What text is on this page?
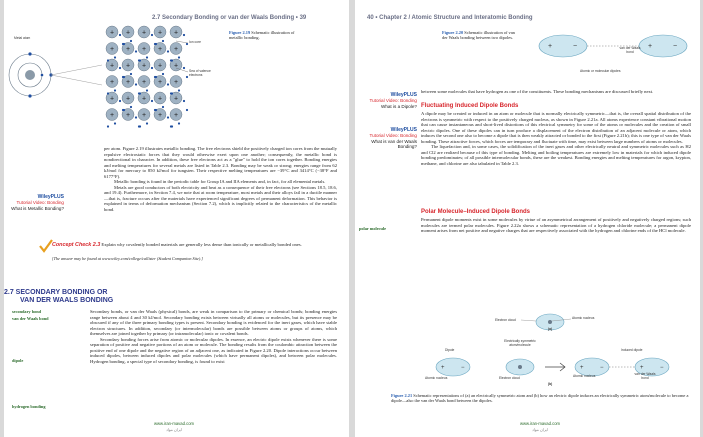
2.7 Secondary Bonding or van der Waals Bonding • 39
+ + + + +
+ + + + +
+ + + + +
+ + + + +
+ + + + +
+ + + + +
Metal atom
Ion core
Sea of valence electrons
Figure 2.19 Schematic illustration of metallic bonding.
WileyPLUS
Tutorial Video: Bonding
What is Metallic Bonding?

per atom. Figure 2.19 illustrates metallic bonding. The free electrons shield the positively charged ion cores from the mutually repulsive electrostatic forces that they would otherwise exert upon one another; consequently, the metallic bond is nondirectional in character. In addition, these free electrons act as a "glue" to hold the ion cores together. Bonding energies and melting temperatures for several metals are listed in Table 2.3. Bonding may be weak or strong; energies range from 62 kJ/mol for mercury to 850 kJ/mol for tungsten. Their respective melting temperatures are −39°C and 3414°C (−38°F and 6177°F).

Metallic bonding is found in the periodic table for Group IA and IIA elements and, in fact, for all elemental metals.

Metals are good conductors of both electricity and heat as a consequence of their free electrons (see Sections 18.5, 18.6, and 19.4). Furthermore, in Section 7.4, we note that at room temperature, most metals and their alloys fail in a ductile manner—that is, fracture occurs after the materials have experienced significant degrees of permanent deformation. This behavior is explained in terms of deformation mechanism (Section 7.2), which is implicitly related to the characteristics of the metallic bond.

Concept Check 2.3 Explain why covalently bonded materials are generally less dense than ionically or metallically bonded ones.
[The answer may be found at www.wiley.com/college/callister (Student Companion Site).]
2.7 SECONDARY BONDING OR
VAN DER WAALS BONDING
secondary bond
van der Waals bond
dipole
hydrogen bonding

Secondary bonds, or van der Waals (physical) bonds, are weak in comparison to the primary or chemical bonds; bonding energies range between about 4 and 30 kJ/mol. Secondary bonding exists between virtually all atoms or molecules, but its presence may be obscured if any of the three primary bonding types is present. Secondary bonding is evidenced for the inert gases, which have stable electron structures. In addition, secondary (or intermolecular) bonds are possible between atoms or groups of atoms, which themselves are joined together by primary (or intramolecular) ionic or covalent bonds.

Secondary bonding forces arise from atomic or molecular dipoles. In essence, an electric dipole exists whenever there is some separation of positive and negative portions of an atom or molecule. The bonding results from the coulombic attraction between the positive end of one dipole and the negative region of an adjacent one, as indicated in Figure 2.20. Dipole interactions occur between induced dipoles, between induced dipoles and polar molecules (which have permanent dipoles), and between polar molecules. Hydrogen bonding, a special type of secondary bonding, is found to exist

www.iran-mavad.com
ايران مواد
40 • Chapter 2 / Atomic Structure and Interatomic Bonding
Figure 2.20 Schematic illustration of van der Waals bonding between two dipoles.
+	−	+	−
van der Waals bond
Atomic or molecular dipoles
WileyPLUS
Tutorial Video: Bonding
What is a Dipole?
WileyPLUS
Tutorial Video: Bonding
What is van der Waals Bonding?
between some molecules that have hydrogen as one of the constituents. These bonding mechanisms are discussed briefly next.
Fluctuating Induced Dipole Bonds

A dipole may be created or induced in an atom or molecule that is normally electrically symmetric—that is, the overall spatial distribution of the electrons is symmetric with respect to the positively charged nucleus, as shown in Figure 2.21a. All atoms experience constant vibrational motion that can cause instantaneous and short-lived distortions of this electrical symmetry for some of the atoms or molecules and the creation of small electric dipoles. One of these dipoles can in turn produce a displacement of the electron distribution of an adjacent molecule or atom, which induces the second one also to become a dipole that is then weakly attracted or bonded to the first (Figure 2.21b); this is one type of van der Waals bonding. These attractive forces, which forces are temporary and fluctuate with time, may exist between large numbers of atoms or molecules.

The liquefaction and, in some cases, the solidification of the inert gases and other electrically neutral and symmetric molecules such as H2 and Cl2 are realized because of this type of bonding. Melting and boiling temperatures are extremely low in materials for which induced dipole bonding predominates; of all possible intermolecular bonds, these are the weakest. Bonding energies and melting temperatures for argon, krypton, methane, and chlorine are also tabulated in Table 2.3.

Polar Molecule–Induced Dipole Bonds
polar molecule
Permanent dipole moments exist in some molecules by virtue of an asymmetrical arrangement of positively and negatively charged regions; such molecules are termed polar molecules. Figure 2.22a shows a schematic representation of a hydrogen chloride molecule; a permanent dipole moment arises from net positive and negative charges that are respectively associated with the hydrogen and chlorine ends of the HCl molecule.
+	−	+	−	+	−
Electron cloud	Atomic nucleus
(a)
Dipole
Electrically symmetric atom/molecule
Induced dipole
Atomic nucleus	Electron cloud	Atomic nucleus	van der Waals bond
(b)
Figure 2.21 Schematic representations of (a) an electrically symmetric atom and (b) how an electric dipole induces an electrically symmetric atom/molecule to become a dipole—also the van der Waals bond between the dipoles.
www.iran-mavad.com
ايران مواد
